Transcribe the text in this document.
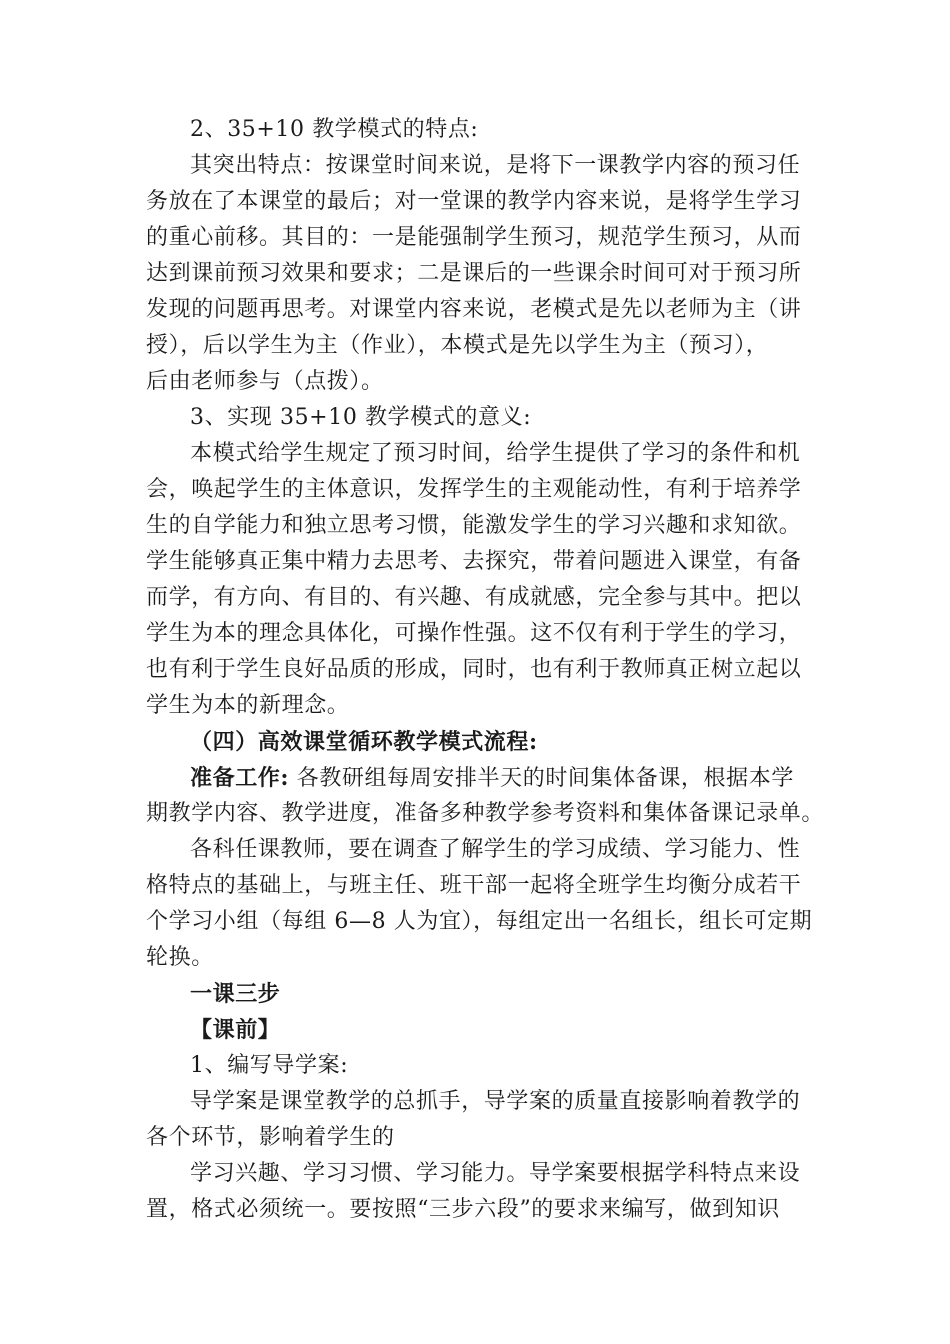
2、35+10 教学模式的特点:
其突出特点：按课堂时间来说，是将下一课教学内容的预习任
务放在了本课堂的最后；对一堂课的教学内容来说，是将学生学习
的重心前移。其目的：一是能强制学生预习，规范学生预习，从而
达到课前预习效果和要求；二是课后的一些课余时间可对于预习所
发现的问题再思考。对课堂内容来说，老模式是先以老师为主（讲
授），后以学生为主（作业），本模式是先以学生为主（预习），
后由老师参与（点拨）。
3、实现 35+10 教学模式的意义:
本模式给学生规定了预习时间，给学生提供了学习的条件和机
会，唤起学生的主体意识，发挥学生的主观能动性，有利于培养学
生的自学能力和独立思考习惯，能激发学生的学习兴趣和求知欲。
学生能够真正集中精力去思考、去探究，带着问题进入课堂，有备
而学，有方向、有目的、有兴趣、有成就感，完全参与其中。把以
学生为本的理念具体化，可操作性强。这不仅有利于学生的学习，
也有利于学生良好品质的形成，同时，也有利于教师真正树立起以
学生为本的新理念。
（四）高效课堂循环教学模式流程:
准备工作: 各教研组每周安排半天的时间集体备课，根据本学
期教学内容、教学进度，准备多种教学参考资料和集体备课记录单。
各科任课教师，要在调查了解学生的学习成绩、学习能力、性
格特点的基础上，与班主任、班干部一起将全班学生均衡分成若干
个学习小组（每组 6—8 人为宜），每组定出一名组长，组长可定期
轮换。
一课三步
【课前】
1、编写导学案:
导学案是课堂教学的总抓手，导学案的质量直接影响着教学的
各个环节，影响着学生的
学习兴趣、学习习惯、学习能力。导学案要根据学科特点来设
置，格式必须统一。要按照“三步六段”的要求来编写，做到知识
